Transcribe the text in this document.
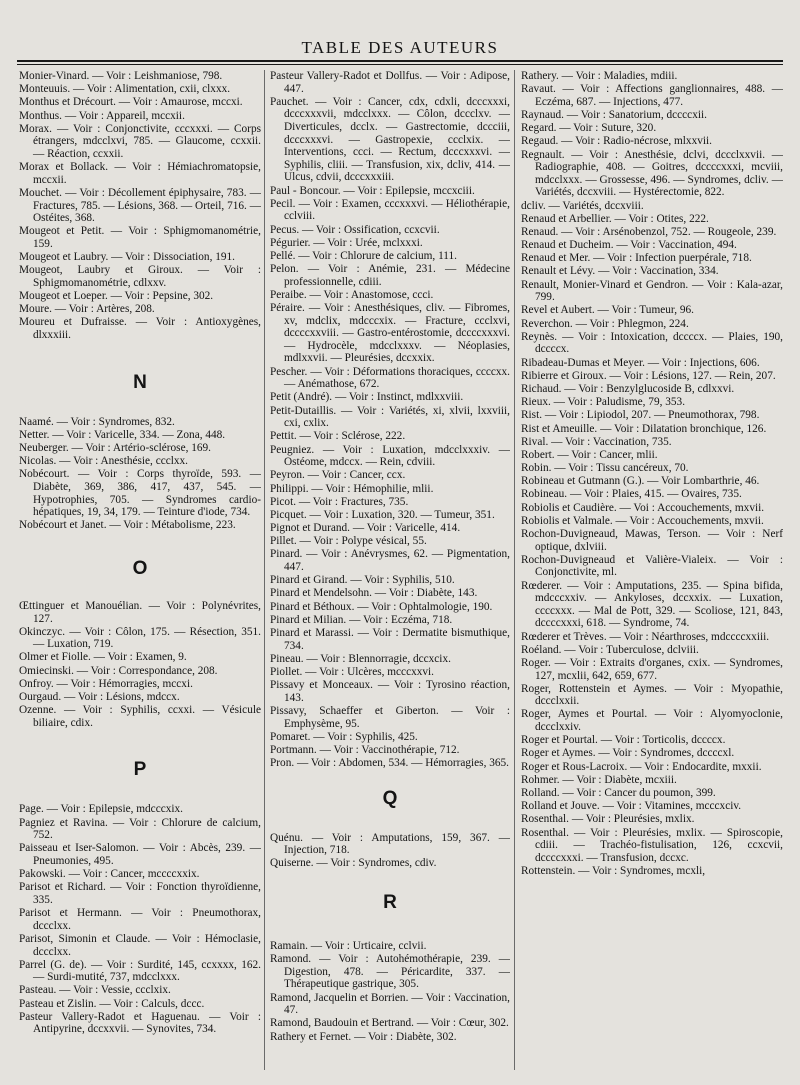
TABLE DES AUTEURS
Monier-Vinard. — Voir : Leishmaniose, 798.
Monteuuis. — Voir : Alimentation, cxii, clxxx.
Monthus et Drécourt. — Voir : Amaurose, mccxi.
Monthus. — Voir : Appareil, mccxii.
Morax. — Voir : Conjonctivite, cccxxxi. — Corps étrangers, mdcclxvi, 785. — Glaucome, ccxxii. — Réaction, ccxxii.
Morax et Bollack. — Voir : Hémiachromatopsie, mccxii.
Mouchet. — Voir : Décollement épiphysaire, 783. — Fractures, 785. — Lésions, 368. — Orteil, 716. — Ostéites, 368.
Mougeot et Petit. — Voir : Sphigmomanométrie, 159.
Mougeot et Laubry. — Voir : Dissociation, 191.
Mougeot, Laubry et Giroux. — Voir : Sphigmomanométrie, cdlxxv.
Mougeot et Loeper. — Voir : Pepsine, 302.
Moure. — Voir : Artères, 208.
Moureu et Dufraisse. — Voir : Antioxygènes, dlxxxiii.
N
Naamé. — Voir : Syndromes, 832.
Netter. — Voir : Varicelle, 334. — Zona, 448.
Neuberger. — Voir : Artério-sclérose, 169.
Nicolas. — Voir : Anesthésie, ccclxx.
Nobécourt. — Voir : Corps thyroïde, 593. — Diabète, 369, 386, 417, 437, 545. — Hypotrophies, 705. — Syndromes cardio-hépatiques, 19, 34, 179. — Teinture d'iode, 734.
Nobécourt et Janet. — Voir : Métabolisme, 223.
O
Œttinguer et Manouélian. — Voir : Polynévrites, 127.
Okinczyc. — Voir : Côlon, 175. — Résection, 351. — Luxation, 719.
Olmer et Fiolle. — Voir : Examen, 9.
Omiecinski. — Voir : Correspondance, 208.
Onfroy. — Voir : Hémorragies, mccxi.
Ourgaud. — Voir : Lésions, mdccx.
Ozenne. — Voir : Syphilis, ccxxi. — Vésicule biliaire, cdix.
P
Page. — Voir : Epilepsie, mdcccxix.
Pagniez et Ravina. — Voir : Chlorure de calcium, 752.
Paisseau et Iser-Salomon. — Voir : Abcès, 239. — Pneumonies, 495.
Pakowski. — Voir : Cancer, mccccxxix.
Parisot et Richard. — Voir : Fonction thyroïdienne, 335.
Parisot et Hermann. — Voir : Pneumothorax, dccclxx.
Parisot, Simonin et Claude. — Voir : Hémoclasie, dccclxx.
Parrel (G. de). — Voir : Surdité, 145, ccxxxx, 162. — Surdi-mutité, 737, mdcclxxx.
Pasteau. — Voir : Vessie, ccclxix.
Pasteau et Zislin. — Voir : Calculs, dccc.
Pasteur Vallery-Radot et Haguenau. — Voir : Antipyrine, dccxxvii. — Synovites, 734.
Pasteur Vallery-Radot et Dollfus. — Voir : Adipose, 447.
Pauchet. — Voir : Cancer, cdx, cdxli, dcccxxxi, dcccxxxvii, mdcclxxx. — Côlon, dccclxv. — Diverticules, dcclx. — Gastrectomie, dccciii, dcccxxxvi. — Gastropexie, ccclxix. — Interventions, ccci. — Rectum, dcccxxxvi. — Syphilis, cliii. — Transfusion, xix, dcliv, 414. — Ulcus, cdvii, dcccxxxiii.
Paul - Boncour. — Voir : Epilepsie, mccxciii.
Pecil. — Voir : Examen, cccxxxvi. — Héliothérapie, cclviii.
Pecus. — Voir : Ossification, ccxcvii.
Pégurier. — Voir : Urée, mclxxxi.
Pellé. — Voir : Chlorure de calcium, 111.
Pelon. — Voir : Anémie, 231. — Médecine professionnelle, cdiii.
Peraibe. — Voir : Anastomose, ccci.
Péraire. — Voir : Anesthésiques, cliv. — Fibromes, xv, mdclix, mdcccxix. — Fracture, ccclxvi, dccccxxviii. — Gastro-entérostomie, dccccxxxvi. — Hydrocèle, mdcclxxxv. — Néoplasies, mdlxxvii. — Pleurésies, dccxxix.
Pescher. — Voir : Déformations thoraciques, ccccxx. — Anémathose, 672.
Petit (André). — Voir : Instinct, mdlxxviii.
Petit-Dutaillis. — Voir : Variétés, xi, xlvii, lxxviii, cxi, cxlix.
Pettit. — Voir : Sclérose, 222.
Peugniez. — Voir : Luxation, mdcclxxxiv. — Ostéome, mdccx. — Rein, cdviii.
Peyron. — Voir : Cancer, ccx.
Philippi. — Voir : Hémophilie, mlii.
Picot. — Voir : Fractures, 735.
Picquet. — Voir : Luxation, 320. — Tumeur, 351.
Pignot et Durand. — Voir : Varicelle, 414.
Pillet. — Voir : Polype vésical, 55.
Pinard. — Voir : Anévrysmes, 62. — Pigmentation, 447.
Pinard et Girand. — Voir : Syphilis, 510.
Pinard et Mendelsohn. — Voir : Diabète, 143.
Pinard et Béthoux. — Voir : Ophtalmologie, 190.
Pinard et Milian. — Voir : Eczéma, 718.
Pinard et Marassi. — Voir : Dermatite bismuthique, 734.
Pineau. — Voir : Blennorragie, dccxcix.
Piollet. — Voir : Ulcères, mcccxxvi.
Pissavy et Monceaux. — Voir : Tyrosino réaction, 143.
Pissavy, Schaeffer et Giberton. — Voir : Emphysème, 95.
Pomaret. — Voir : Syphilis, 425.
Portmann. — Voir : Vaccinothérapie, 712.
Pron. — Voir : Abdomen, 534. — Hémorragies, 365.
Q
Quénu. — Voir : Amputations, 159, 367. — Injection, 718.
Quiserne. — Voir : Syndromes, cdiv.
R
Ramain. — Voir : Urticaire, cclvii.
Ramond. — Voir : Autohémothérapie, 239. — Digestion, 478. — Péricardite, 337. — Thérapeutique gastrique, 305.
Ramond, Jacquelin et Borrien. — Voir : Vaccination, 47.
Ramond, Baudouin et Bertrand. — Voir : Cœur, 302.
Rathery et Fernet. — Voir : Diabète, 302.
Rathery. — Voir : Maladies, mdiii.
Ravaut. — Voir : Affections ganglionnaires, 488. — Eczéma, 687. — Injections, 477.
Raynaud. — Voir : Sanatorium, dccccxii.
Regard. — Voir : Suture, 320.
Regaud. — Voir : Radio-nécrose, mlxxvii.
Regnault. — Voir : Anesthésie, dclvi, dccclxxvii. — Radiographie, 408. — Goitres, dccccxxxi, mcviii, mdcclxxx. — Grossesse, 496. — Syndromes, dcliv. — Variétés, dccxviii. — Hystérectomie, 822.
dcliv. — Variétés, dccxviii.
Renaud et Arbellier. — Voir : Otites, 222.
Renaud. — Voir : Arsénobenzol, 752. — Rougeole, 239.
Renaud et Ducheim. — Voir : Vaccination, 494.
Renaud et Mer. — Voir : Infection puerpérale, 718.
Renault et Lévy. — Voir : Vaccination, 334.
Renault, Monier-Vinard et Gendron. — Voir : Kala-azar, 799.
Revel et Aubert. — Voir : Tumeur, 96.
Reverchon. — Voir : Phlegmon, 224.
Reynès. — Voir : Intoxication, dccccx. — Plaies, 190, dccccx.
Ribadeau-Dumas et Meyer. — Voir : Injections, 606.
Ribierre et Giroux. — Voir : Lésions, 127. — Rein, 207.
Richaud. — Voir : Benzylglucoside B, cdlxxvi.
Rieux. — Voir : Paludisme, 79, 353.
Rist. — Voir : Lipiodol, 207. — Pneumothorax, 798.
Rist et Ameuille. — Voir : Dilatation bronchique, 126.
Rival. — Voir : Vaccination, 735.
Robert. — Voir : Cancer, mlii.
Robin. — Voir : Tissu cancéreux, 70.
Robineau et Gutmann (G.). — Voir Lombarthrie, 46.
Robineau. — Voir : Plaies, 415. — Ovaires, 735.
Robiolis et Caudière. — Voi : Accouchements, mxvii.
Robiolis et Valmale. — Voir : Accouchements, mxvii.
Rochon-Duvigneaud, Mawas, Terson. — Voir : Nerf optique, dxlviii.
Rochon-Duvigneaud et Valière-Vialeix. — Voir : Conjonctivite, ml.
Rœderer. — Voir : Amputations, 235. — Spina bifida, mdcccxxiv. — Ankyloses, dccxxix. — Luxation, ccccxxx. — Mal de Pott, 329. — Scoliose, 121, 843, dccccxxxi, 618. — Syndrome, 74.
Rœderer et Trèves. — Voir : Néarthroses, mdccccxxiii.
Roéland. — Voir : Tuberculose, dclviii.
Roger. — Voir : Extraits d'organes, cxix. — Syndromes, 127, mcxlii, 642, 659, 677.
Roger, Rottenstein et Aymes. — Voir : Myopathie, dccclxxii.
Roger, Aymes et Pourtal. — Voir : Alyomyoclonie, dccclxxiv.
Roger et Pourtal. — Voir : Torticolis, dccccx.
Roger et Aymes. — Voir : Syndromes, dccccxl.
Roger et Rous-Lacroix. — Voir : Endocardite, mxxii.
Rohmer. — Voir : Diabète, mcxiii.
Rolland. — Voir : Cancer du poumon, 399.
Rolland et Jouve. — Voir : Vitamines, mcccxciv.
Rosenthal. — Voir : Pleurésies, mxlix.
Rosenthal. — Voir : Pleurésies, mxlix. — Spiroscopie, cdiii. — Trachéo-fistulisation, 126, ccxcvii, dccccxxxi. — Transfusion, dccxc.
Rottenstein. — Voir : Syndromes, mcxli,
